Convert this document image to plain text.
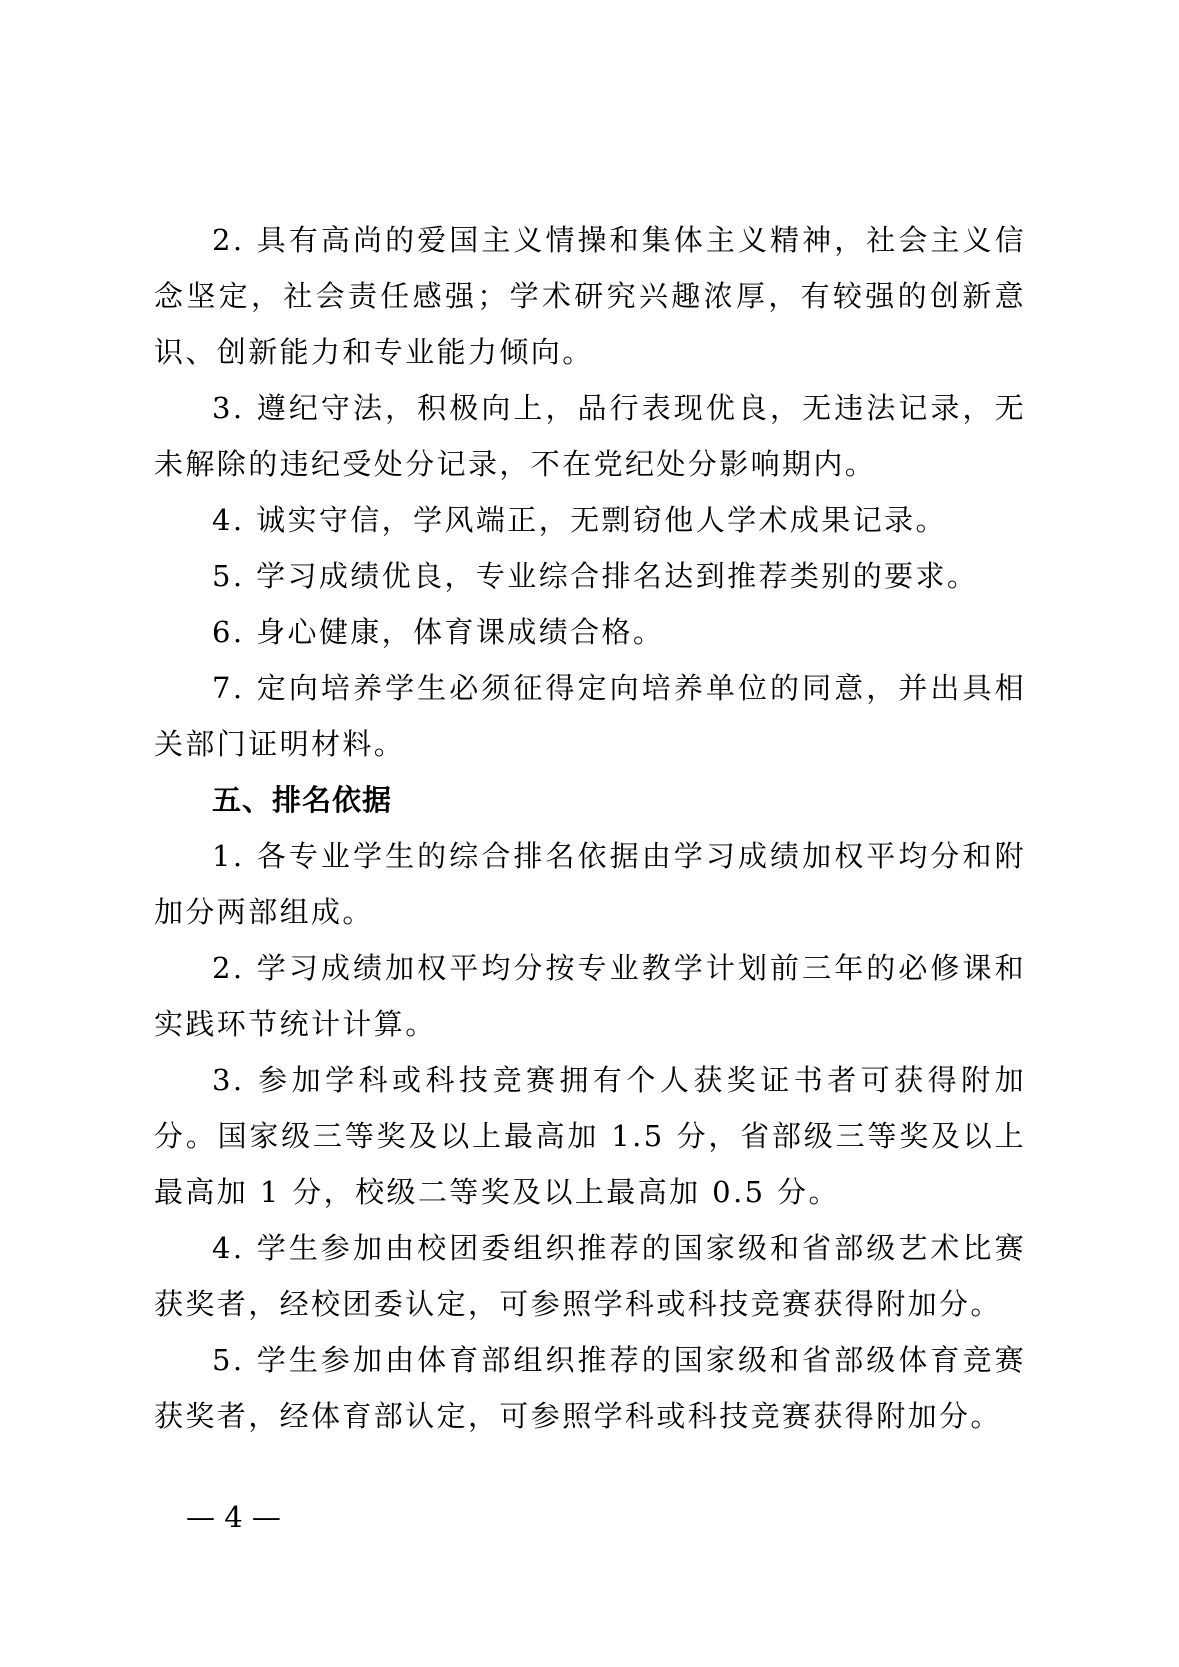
2. 具有高尚的爱国主义情操和集体主义精神，社会主义信念坚定，社会责任感强；学术研究兴趣浓厚，有较强的创新意识、创新能力和专业能力倾向。

3. 遵纪守法，积极向上，品行表现优良，无违法记录，无未解除的违纪受处分记录，不在党纪处分影响期内。

4. 诚实守信，学风端正，无剽窃他人学术成果记录。

5. 学习成绩优良，专业综合排名达到推荐类别的要求。

6. 身心健康，体育课成绩合格。

7. 定向培养学生必须征得定向培养单位的同意，并出具相关部门证明材料。

五、排名依据

1. 各专业学生的综合排名依据由学习成绩加权平均分和附加分两部组成。

2. 学习成绩加权平均分按专业教学计划前三年的必修课和实践环节统计计算。

3. 参加学科或科技竞赛拥有个人获奖证书者可获得附加分。国家级三等奖及以上最高加 1.5 分，省部级三等奖及以上最高加 1 分，校级二等奖及以上最高加 0.5 分。

4. 学生参加由校团委组织推荐的国家级和省部级艺术比赛获奖者，经校团委认定，可参照学科或科技竞赛获得附加分。

5. 学生参加由体育部组织推荐的国家级和省部级体育竞赛获奖者，经体育部认定，可参照学科或科技竞赛获得附加分。

— 4 —
